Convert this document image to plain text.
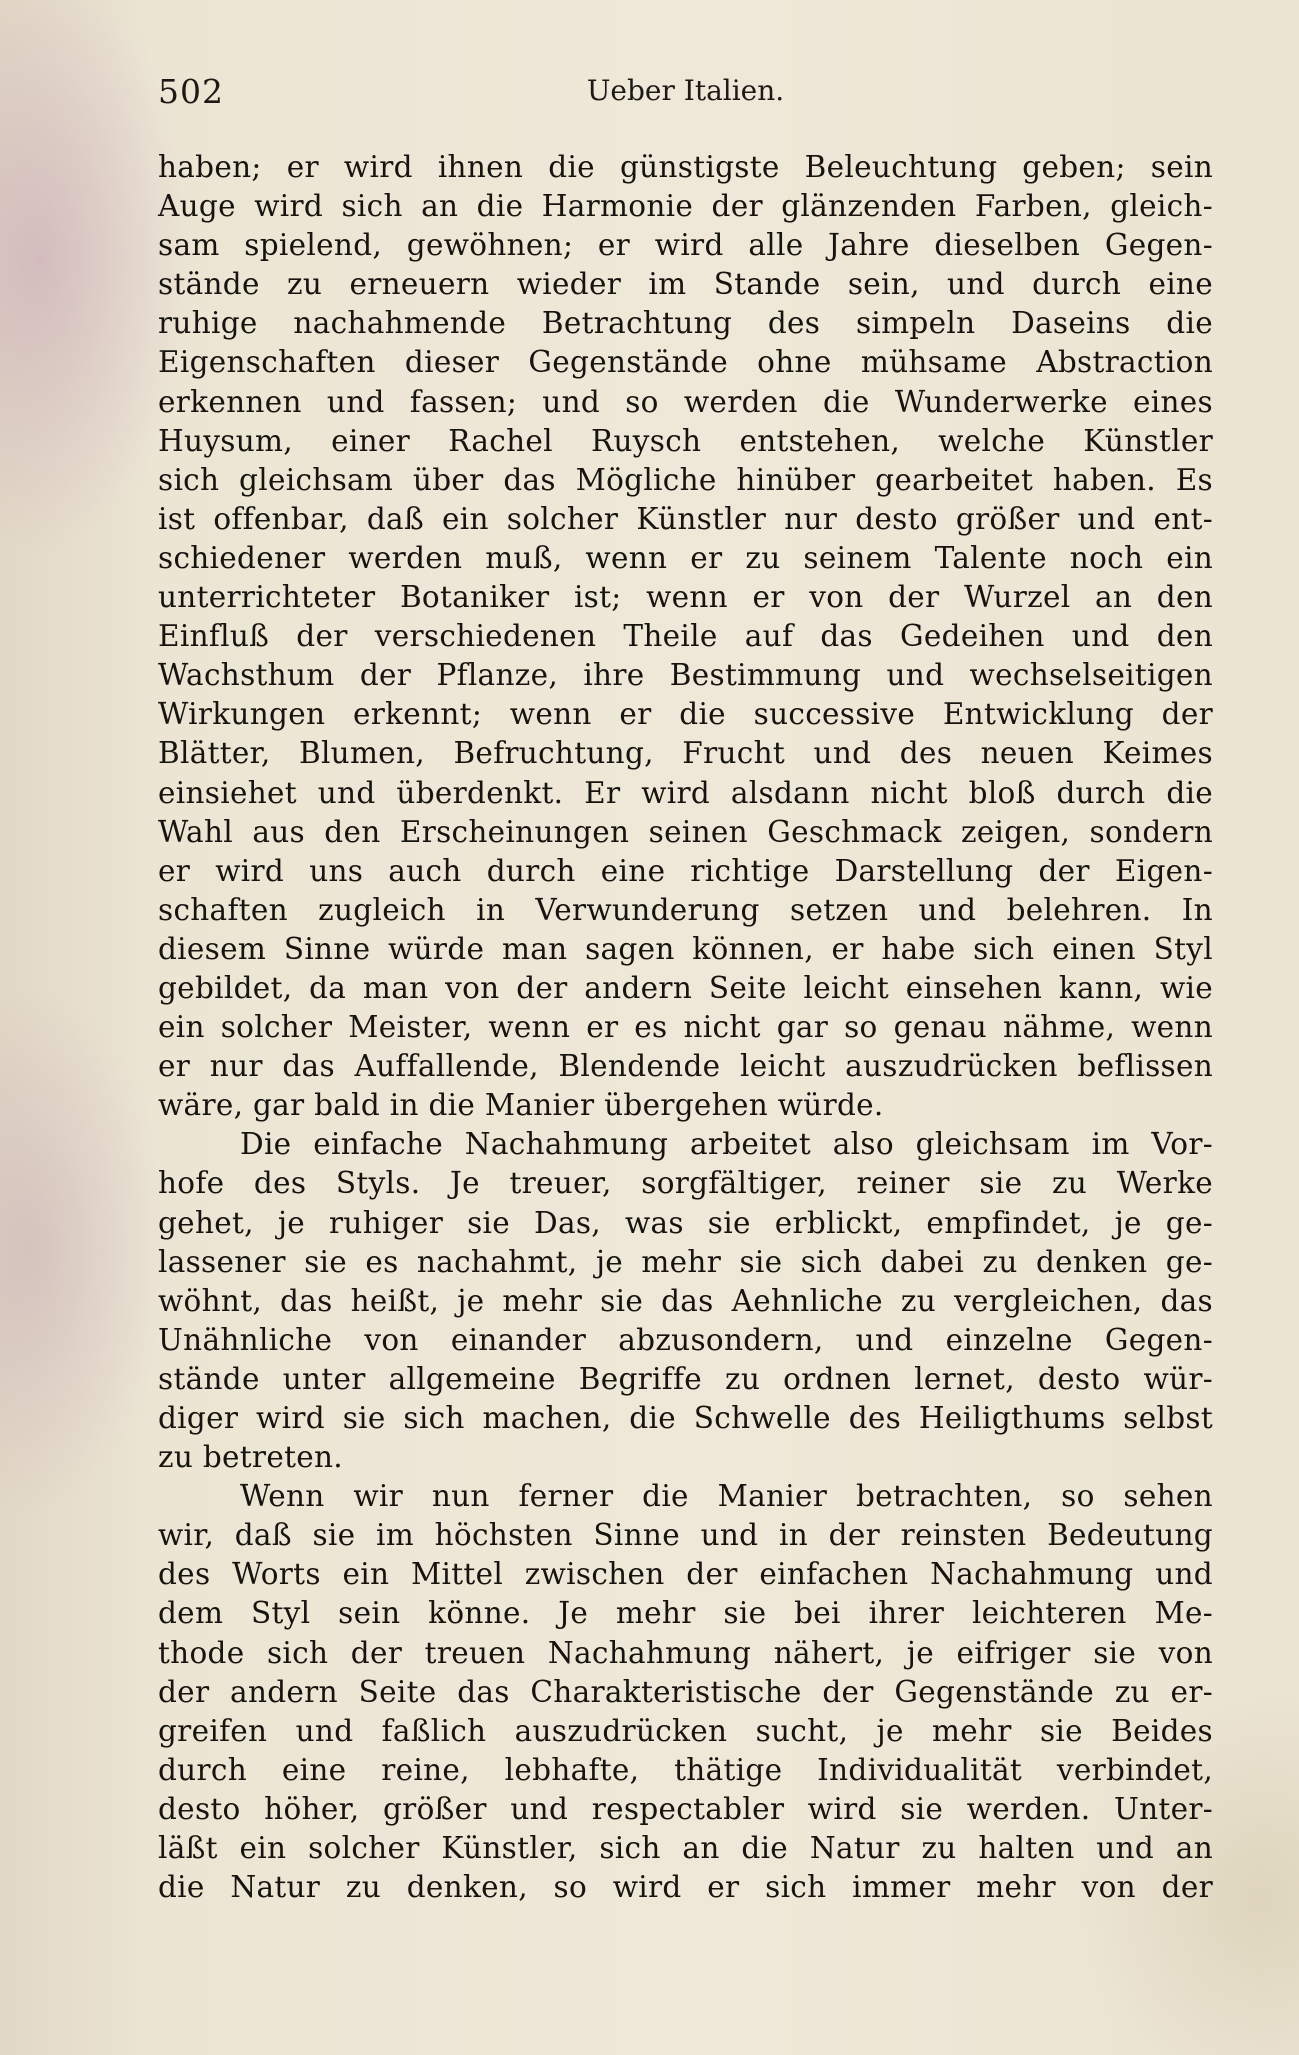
502	Ueber Italien.
haben; er wird ihnen die günstigste Beleuchtung geben; sein
Auge wird sich an die Harmonie der glänzenden Farben, gleich-
sam spielend, gewöhnen; er wird alle Jahre dieselben Gegen-
stände zu erneuern wieder im Stande sein, und durch eine
ruhige nachahmende Betrachtung des simpeln Daseins die
Eigenschaften dieser Gegenstände ohne mühsame Abstraction
erkennen und fassen; und so werden die Wunderwerke eines
Huysum, einer Rachel Ruysch entstehen, welche Künstler
sich gleichsam über das Mögliche hinüber gearbeitet haben. Es
ist offenbar, daß ein solcher Künstler nur desto größer und ent-
schiedener werden muß, wenn er zu seinem Talente noch ein
unterrichteter Botaniker ist; wenn er von der Wurzel an den
Einfluß der verschiedenen Theile auf das Gedeihen und den
Wachsthum der Pflanze, ihre Bestimmung und wechselseitigen
Wirkungen erkennt; wenn er die successive Entwicklung der
Blätter, Blumen, Befruchtung, Frucht und des neuen Keimes
einsiehet und überdenkt. Er wird alsdann nicht bloß durch die
Wahl aus den Erscheinungen seinen Geschmack zeigen, sondern
er wird uns auch durch eine richtige Darstellung der Eigen-
schaften zugleich in Verwunderung setzen und belehren. In
diesem Sinne würde man sagen können, er habe sich einen Styl
gebildet, da man von der andern Seite leicht einsehen kann, wie
ein solcher Meister, wenn er es nicht gar so genau nähme, wenn
er nur das Auffallende, Blendende leicht auszudrücken beflissen
wäre, gar bald in die Manier übergehen würde.
Die einfache Nachahmung arbeitet also gleichsam im Vor-
hofe des Styls. Je treuer, sorgfältiger, reiner sie zu Werke
gehet, je ruhiger sie Das, was sie erblickt, empfindet, je ge-
lassener sie es nachahmt, je mehr sie sich dabei zu denken ge-
wöhnt, das heißt, je mehr sie das Aehnliche zu vergleichen, das
Unähnliche von einander abzusondern, und einzelne Gegen-
stände unter allgemeine Begriffe zu ordnen lernet, desto wür-
diger wird sie sich machen, die Schwelle des Heiligthums selbst
zu betreten.
Wenn wir nun ferner die Manier betrachten, so sehen
wir, daß sie im höchsten Sinne und in der reinsten Bedeutung
des Worts ein Mittel zwischen der einfachen Nachahmung und
dem Styl sein könne. Je mehr sie bei ihrer leichteren Me-
thode sich der treuen Nachahmung nähert, je eifriger sie von
der andern Seite das Charakteristische der Gegenstände zu er-
greifen und faßlich auszudrücken sucht, je mehr sie Beides
durch eine reine, lebhafte, thätige Individualität verbindet,
desto höher, größer und respectabler wird sie werden. Unter-
läßt ein solcher Künstler, sich an die Natur zu halten und an
die Natur zu denken, so wird er sich immer mehr von der
